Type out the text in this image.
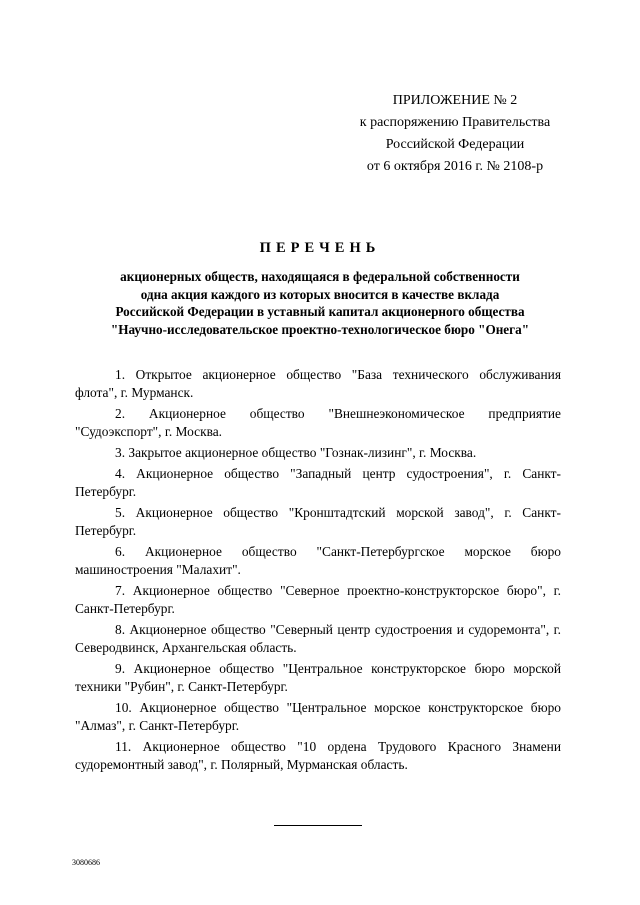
ПРИЛОЖЕНИЕ № 2
к распоряжению Правительства
Российской Федерации
от 6 октября 2016 г. № 2108-р
ПЕРЕЧЕНЬ
акционерных обществ, находящаяся в федеральной собственности
одна акция каждого из которых вносится в качестве вклада
Российской Федерации в уставный капитал акционерного общества
"Научно-исследовательское проектно-технологическое бюро "Онега"
1. Открытое акционерное общество "База технического обслуживания флота", г. Мурманск.
2. Акционерное общество "Внешнеэкономическое предприятие "Судоэкспорт", г. Москва.
3. Закрытое акционерное общество "Гознак-лизинг", г. Москва.
4. Акционерное общество "Западный центр судостроения", г. Санкт-Петербург.
5. Акционерное общество "Кронштадтский морской завод", г. Санкт-Петербург.
6. Акционерное общество "Санкт-Петербургское морское бюро машиностроения "Малахит".
7. Акционерное общество "Северное проектно-конструкторское бюро", г. Санкт-Петербург.
8. Акционерное общество "Северный центр судостроения и судоремонта", г. Северодвинск, Архангельская область.
9. Акционерное общество "Центральное конструкторское бюро морской техники "Рубин", г. Санкт-Петербург.
10. Акционерное общество "Центральное морское конструкторское бюро "Алмаз", г. Санкт-Петербург.
11. Акционерное общество "10 ордена Трудового Красного Знамени судоремонтный завод", г. Полярный, Мурманская область.
3080686
